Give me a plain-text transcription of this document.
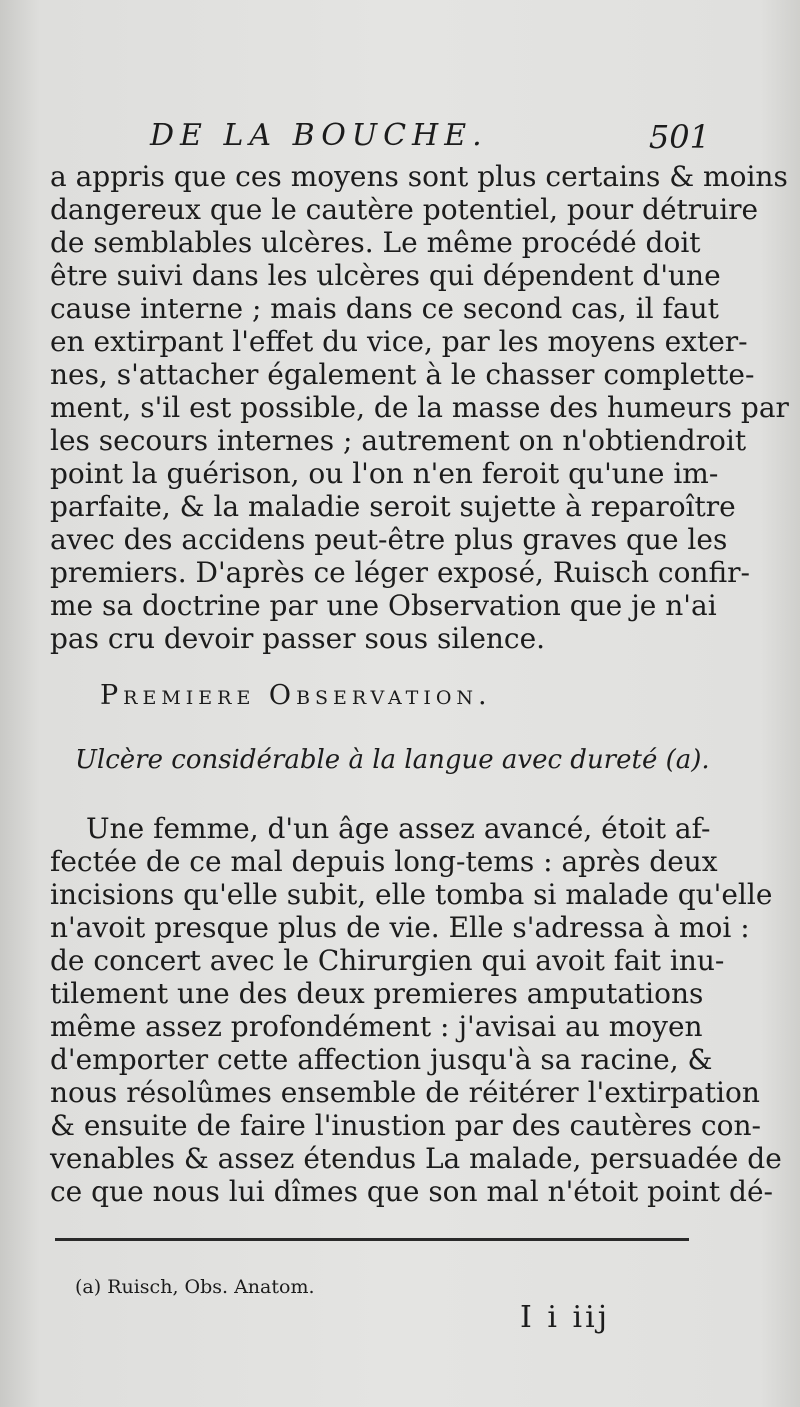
DE LA BOUCHE.	501

a appris que ces moyens sont plus certains & moins
dangereux que le cautère potentiel, pour détruire
de semblables ulcères. Le même procédé doit
être suivi dans les ulcères qui dépendent d'une
cause interne ; mais dans ce second cas, il faut
en extirpant l'effet du vice, par les moyens exter-
nes, s'attacher également à le chasser complette-
ment, s'il est possible, de la masse des humeurs par
les secours internes ; autrement on n'obtiendroit
point la guérison, ou l'on n'en feroit qu'une im-
parfaite, & la maladie seroit sujette à reparoître
avec des accidens peut-être plus graves que les
premiers. D'après ce léger exposé, Ruisch confir-
me sa doctrine par une Observation que je n'ai
pas cru devoir passer sous silence.

Premiere Observation.
Ulcère considérable à la langue avec dureté (a).

Une femme, d'un âge assez avancé, étoit af-
fectée de ce mal depuis long-tems : après deux
incisions qu'elle subit, elle tomba si malade qu'elle
n'avoit presque plus de vie. Elle s'adressa à moi :
de concert avec le Chirurgien qui avoit fait inu-
tilement une des deux premieres amputations
même assez profondément : j'avisai au moyen
d'emporter cette affection jusqu'à sa racine, &
nous résolûmes ensemble de réitérer l'extirpation
& ensuite de faire l'inustion par des cautères con-
venables & assez étendus La malade, persuadée de
ce que nous lui dîmes que son mal n'étoit point dé-

(a) Ruisch, Obs. Anatom.
I i iij
